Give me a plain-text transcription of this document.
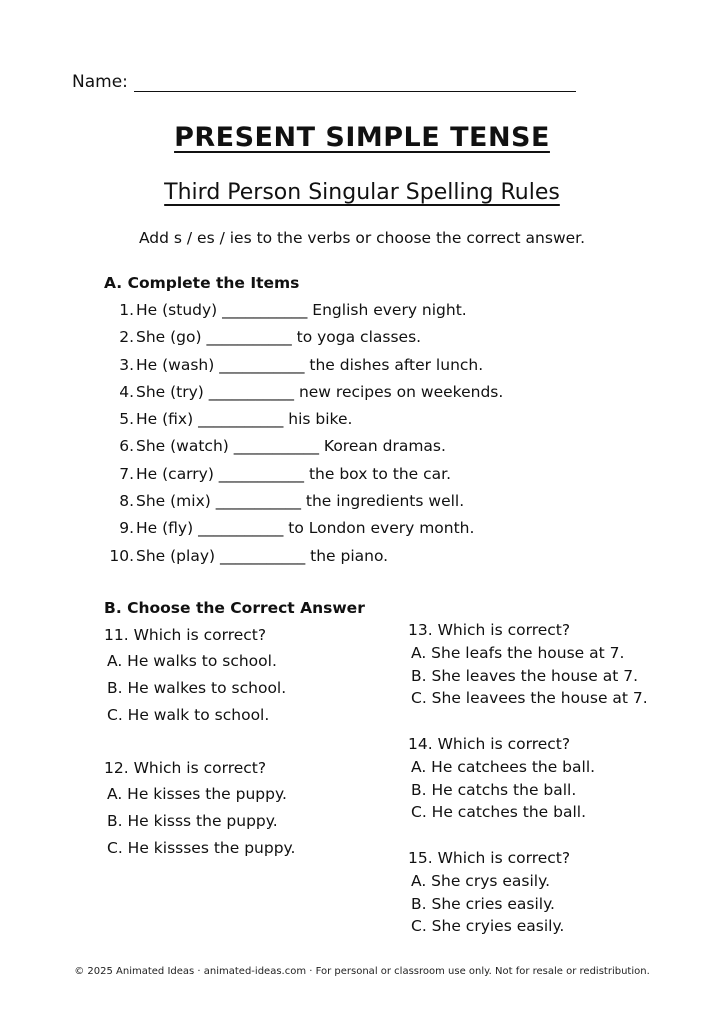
Name:
PRESENT SIMPLE TENSE
Third Person Singular Spelling Rules
Add s / es / ies to the verbs or choose the correct answer.
A. Complete the Items
1. He (study) ___________ English every night.
2. She (go) ___________ to yoga classes.
3. He (wash) ___________ the dishes after lunch.
4. She (try) ___________ new recipes on weekends.
5. He (fix) ___________ his bike.
6. She (watch) ___________ Korean dramas.
7. He (carry) ___________ the box to the car.
8. She (mix) ___________ the ingredients well.
9. He (fly) ___________ to London every month.
10. She (play) ___________ the piano.
B. Choose the Correct Answer
11. Which is correct?
A. He walks to school.
B. He walkes to school.
C. He walk to school.
12. Which is correct?
A. He kisses the puppy.
B. He kisss the puppy.
C. He kissses the puppy.
13. Which is correct?
A. She leafs the house at 7.
B. She leaves the house at 7.
C. She leavees the house at 7.
14. Which is correct?
A. He catchees the ball.
B. He catchs the ball.
C. He catches the ball.
15. Which is correct?
A. She crys easily.
B. She cries easily.
C. She cryies easily.
© 2025 Animated Ideas · animated-ideas.com · For personal or classroom use only. Not for resale or redistribution.
